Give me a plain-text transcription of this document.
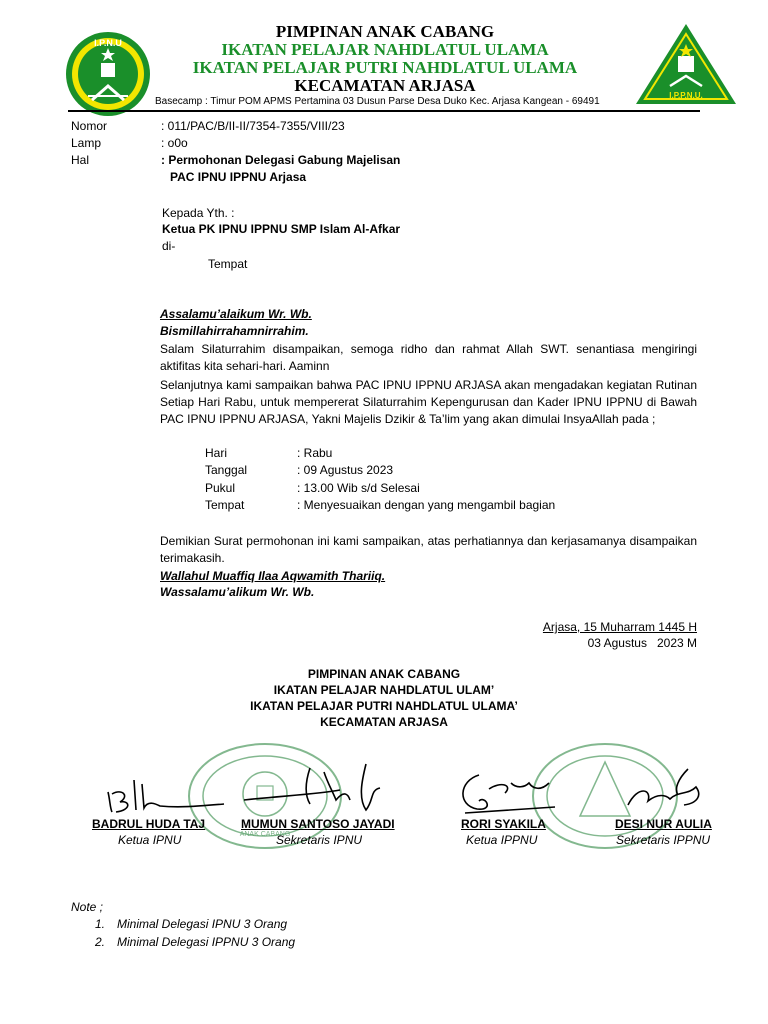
I.P.N.U
PIMPINAN ANAK CABANG
IKATAN PELAJAR NAHDLATUL ULAMA
IKATAN PELAJAR PUTRI NAHDLATUL ULAMA
KECAMATAN ARJASA
Basecamp : Timur POM APMS Pertamina 03 Dusun Parse Desa Duko Kec. Arjasa Kangean - 69491
I.P.P.N.U.
Nomor	: 011/PAC/B/II-II/7354-7355/VIII/23
Lamp	: o0o
Hal	: Permohonan Delegasi Gabung Majelisan
PAC IPNU IPPNU Arjasa
Kepada Yth. :
Ketua PK IPNU IPPNU SMP Islam Al-Afkar
di-
Tempat
Assalamu’alaikum Wr. Wb.
Bismillahirrahamnirrahim.
Salam Silaturrahim disampaikan, semoga ridho dan rahmat Allah SWT. senantiasa mengiringi aktifitas kita sehari-hari. Aaminn
Selanjutnya kami sampaikan bahwa PAC IPNU IPPNU ARJASA akan mengadakan kegiatan Rutinan Setiap Hari Rabu, untuk mempererat Silaturrahim Kepengurusan dan Kader IPNU IPPNU di Bawah PAC IPNU IPPNU ARJASA, Yakni Majelis Dzikir & Ta’lim yang akan dimulai InsyaAllah pada ;
Hari	: Rabu
Tanggal	: 09 Agustus 2023
Pukul	: 13.00 Wib s/d Selesai
Tempat	: Menyesuaikan dengan yang mengambil bagian
Demikian Surat permohonan ini kami sampaikan, atas perhatiannya dan kerjasamanya disampaikan terimakasih.
Wallahul Muaffiq Ilaa Aqwamith Thariiq.
Wassalamu’alikum Wr. Wb.
Arjasa, 15 Muharram 1445 H
03 Agustus   2023 M
PIMPINAN ANAK CABANG
IKATAN PELAJAR NAHDLATUL ULAM’
IKATAN PELAJAR PUTRI NAHDLATUL ULAMA’
KECAMATAN ARJASA
ANAK CABANG
BADRUL HUDA TAJ
Ketua IPNU
MUMUN SANTOSO JAYADI
Sekretaris IPNU
RORI SYAKILA
Ketua IPPNU
DESI NUR AULIA
Sekretaris IPPNU
Note ;
1. Minimal Delegasi IPNU 3 Orang
2. Minimal Delegasi IPPNU 3 Orang
